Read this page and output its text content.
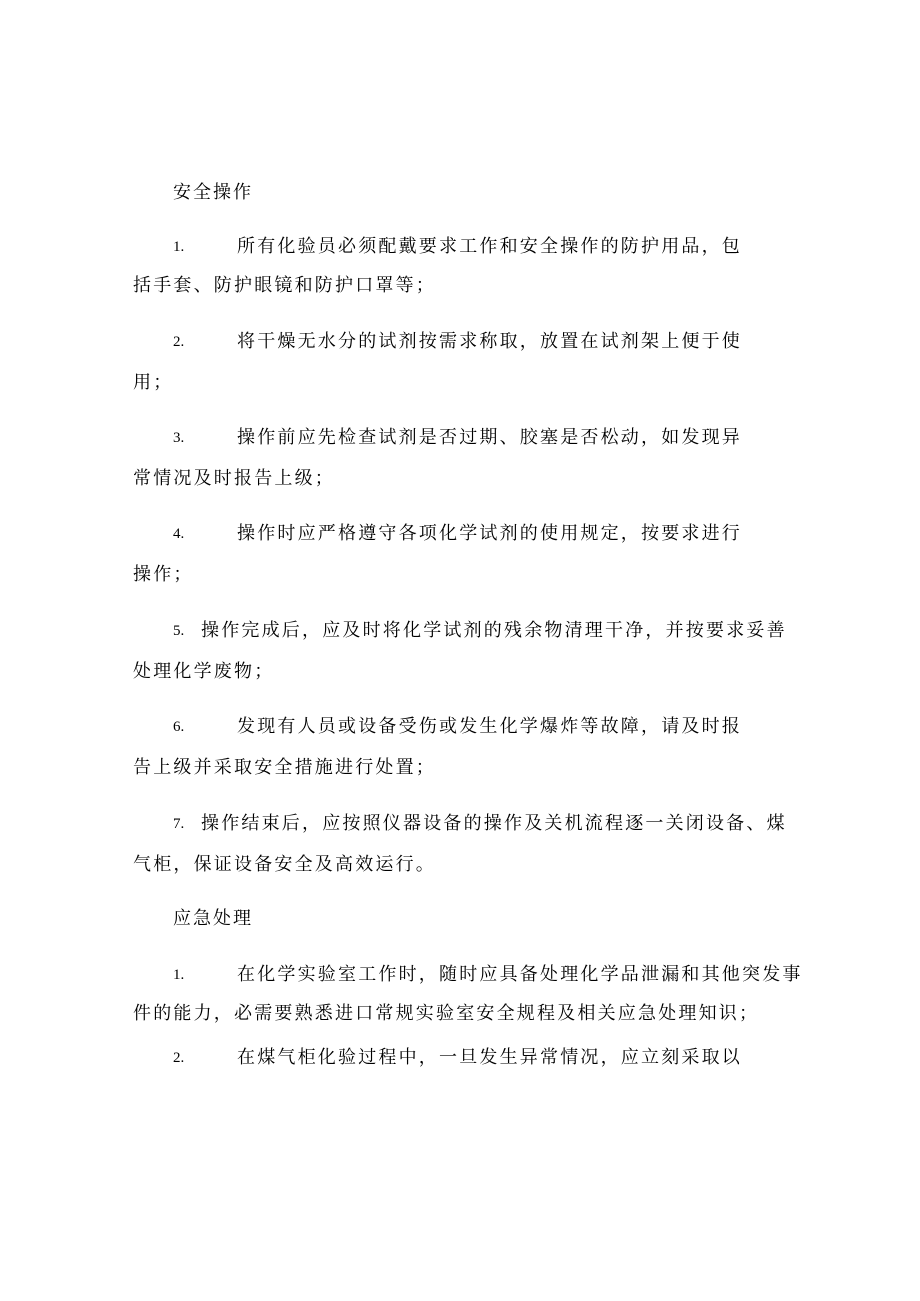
安全操作
1.	所有化验员必须配戴要求工作和安全操作的防护用品，包
括手套、防护眼镜和防护口罩等；
2.	将干燥无水分的试剂按需求称取，放置在试剂架上便于使
用；
3.	操作前应先检查试剂是否过期、胶塞是否松动，如发现异
常情况及时报告上级；
4.	操作时应严格遵守各项化学试剂的使用规定，按要求进行
操作；
5. 操作完成后，应及时将化学试剂的残余物清理干净，并按要求妥善
处理化学废物；
6.	发现有人员或设备受伤或发生化学爆炸等故障，请及时报
告上级并采取安全措施进行处置；
7. 操作结束后，应按照仪器设备的操作及关机流程逐一关闭设备、煤
气柜，保证设备安全及高效运行。
应急处理
1.	在化学实验室工作时，随时应具备处理化学品泄漏和其他突发事
件的能力，必需要熟悉进口常规实验室安全规程及相关应急处理知识；
2.	在煤气柜化验过程中，一旦发生异常情况，应立刻采取以
